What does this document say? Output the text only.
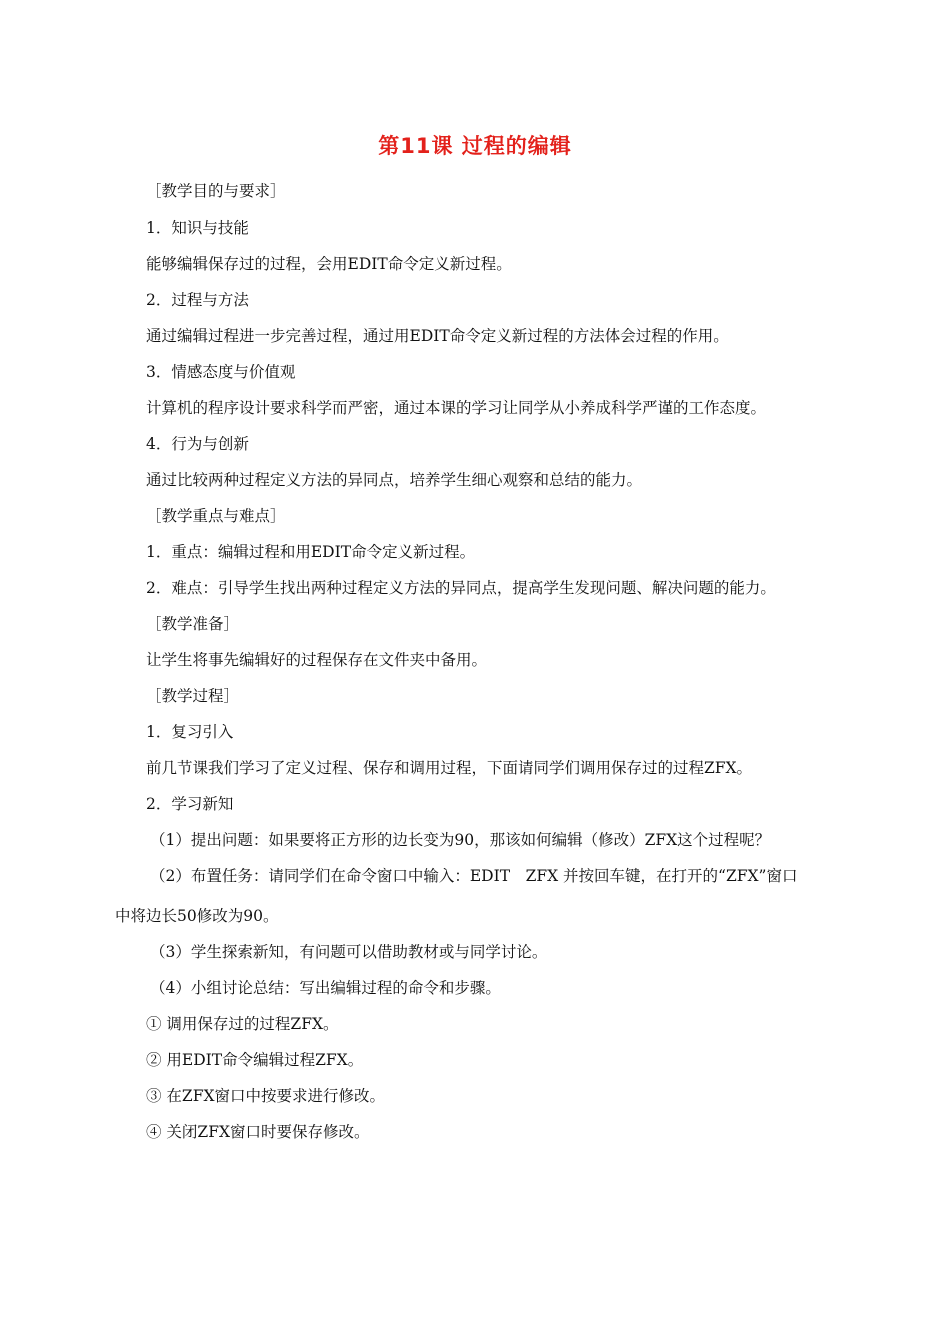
第11课 过程的编辑
［教学目的与要求］
1．知识与技能
能够编辑保存过的过程，会用EDIT命令定义新过程。
2．过程与方法
通过编辑过程进一步完善过程，通过用EDIT命令定义新过程的方法体会过程的作用。
3．情感态度与价值观
计算机的程序设计要求科学而严密，通过本课的学习让同学从小养成科学严谨的工作态度。
4．行为与创新
通过比较两种过程定义方法的异同点，培养学生细心观察和总结的能力。
［教学重点与难点］
1．重点：编辑过程和用EDIT命令定义新过程。
2．难点：引导学生找出两种过程定义方法的异同点，提高学生发现问题、解决问题的能力。
［教学准备］
让学生将事先编辑好的过程保存在文件夹中备用。
［教学过程］
1．复习引入
前几节课我们学习了定义过程、保存和调用过程，下面请同学们调用保存过的过程ZFX。
2．学习新知
（1）提出问题：如果要将正方形的边长变为90，那该如何编辑（修改）ZFX这个过程呢？
（2）布置任务：请同学们在命令窗口中输入：EDIT　ZFX 并按回车键，在打开的“ZFX”窗口
中将边长50修改为90。
（3）学生探索新知，有问题可以借助教材或与同学讨论。
（4）小组讨论总结：写出编辑过程的命令和步骤。
① 调用保存过的过程ZFX。
② 用EDIT命令编辑过程ZFX。
③ 在ZFX窗口中按要求进行修改。
④ 关闭ZFX窗口时要保存修改。
